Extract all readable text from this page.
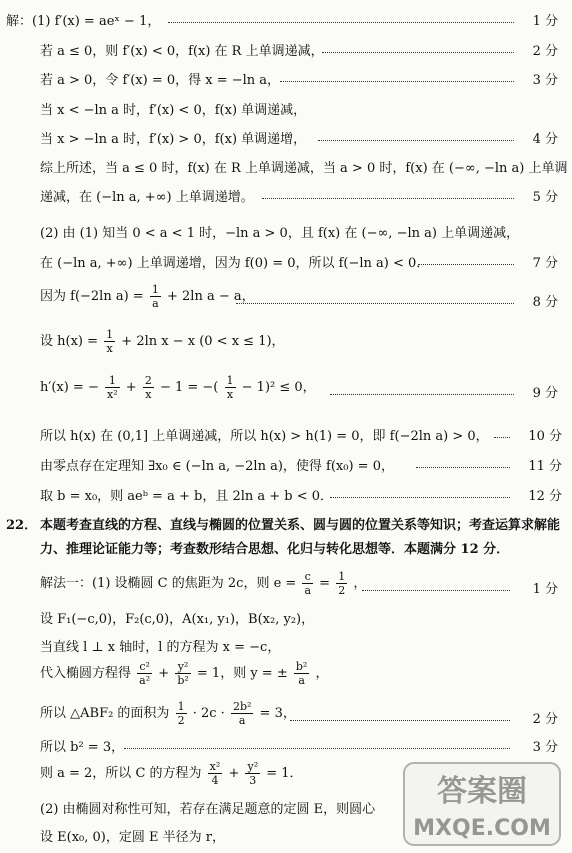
解：(1) f′(x) = aeˣ − 1，	1 分
若 a ≤ 0，则 f′(x) < 0，f(x) 在 R 上单调递减，	2 分
若 a > 0，令 f′(x) = 0，得 x = −ln a，	3 分
当 x < −ln a 时，f′(x) < 0，f(x) 单调递减，
当 x > −ln a 时，f′(x) > 0，f(x) 单调递增，	4 分
综上所述，当 a ≤ 0 时，f(x) 在 R 上单调递减，当 a > 0 时，f(x) 在 (−∞, −ln a) 上单调
递减，在 (−ln a, +∞) 上单调递增。	5 分
(2) 由 (1) 知当 0 < a < 1 时，−ln a > 0，且 f(x) 在 (−∞, −ln a) 上单调递减，
在 (−ln a, +∞) 上单调递增，因为 f(0) = 0，所以 f(−ln a) < 0．	7 分
因为 f(−2ln $a) = \frac{1}{a} + 2\ln$ a − a，	8 分
设 $h(x) = \frac{1}{x} + 2\ln$ x − x (0 < x ≤ 1)，
h′(x) = − $\frac{1}{\text{x²}} + \frac{2}{x} - 1$ = −( $\frac{1}{x} - 1)^2 \le 0$，	9 分
所以 h(x) 在 (0,1] 上单调递减，所以 h(x) > h(1) = 0，即 f(−2ln a) > 0，	10 分
由零点存在定理知 ∃x₀ ∈ (−ln a, −2ln a)，使得 f(x₀) = 0，	11 分
取 b = x₀，则 aeᵇ = a + b，且 2ln a + b < 0．	12 分
22． 本题考查直线的方程、直线与椭圆的位置关系、圆与圆的位置关系等知识；考查运算求解能力、推理论证能力等；考查数形结合思想、化归与转化思想等．本题满分 12 分．
解法一：(1) 设椭圆 C 的焦距为 2c，则 $e = \frac{c}{a} = \frac{1}{2}$ ，	1 分
设 F₁(−c,0)，F₂(c,0)，A(x₁, y₁)，B(x₂, y₂)，
当直线 l ⊥ x 轴时，l 的方程为 x = −c，
代入椭圆方程得 $\frac{\text{c²}}{\text{a²}} + \frac{\text{y²}}{\text{b²}} = 1$，则 y = ± $\frac{\text{b²}}{a}$ ，
所以 △ABF₂ 的面积为 $\frac{1}{2} \cdot 2c \cdot \frac{\text{2b²}}{a} = 3$，	2 分
所以 b² = 3，	3 分
则 a = 2，所以 C 的方程为 $\frac{\text{x²}}{4} + \frac{\text{y²}}{3} = 1$．
(2) 由椭圆对称性可知，若存在满足题意的定圆 E，则圆心
设 E(x₀, 0)，定圆 E 半径为 r，
答案圈
MXQE.COM
